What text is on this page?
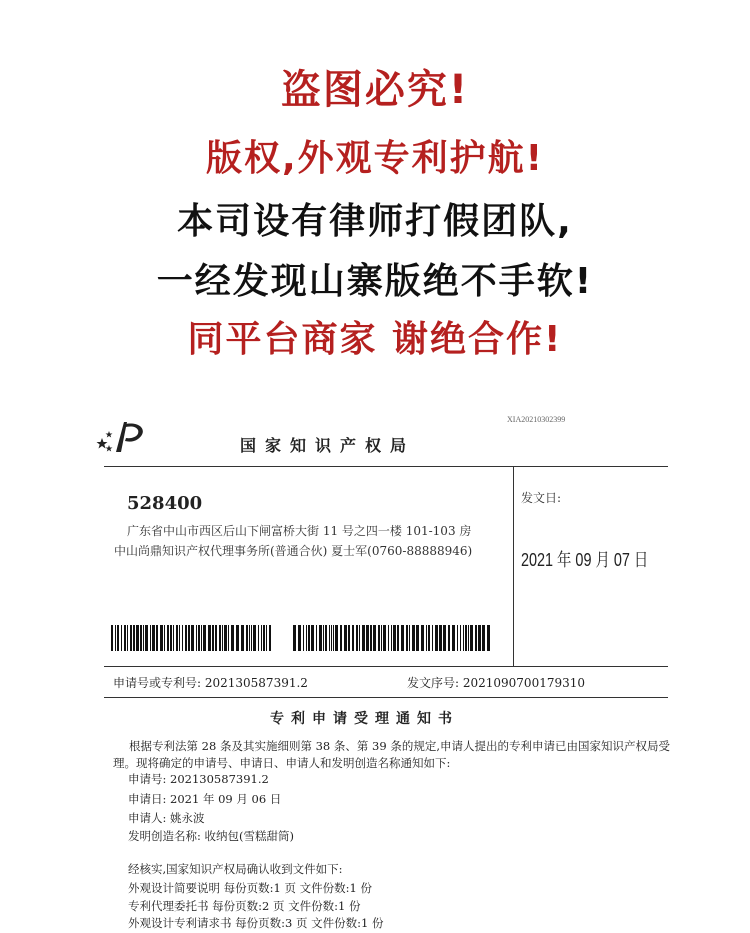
盗图必究!
版权,外观专利护航!
本司设有律师打假团队,
一经发现山寨版绝不手软!
同平台商家 谢绝合作!
XIA20210302399
国家知识产权局
528400
广东省中山市西区后山下闸富桥大街 11 号之四一楼 101-103 房
中山尚鼎知识产权代理事务所(普通合伙) 夏士军(0760-88888946)
发文日:
2021 年 09 月 07 日
申请号或专利号: 202130587391.2	发文序号: 2021090700179310
专利申请受理通知书
根据专利法第 28 条及其实施细则第 38 条、第 39 条的规定,申请人提出的专利申请已由国家知识产权局受理。现将确定的申请号、申请日、申请人和发明创造名称通知如下:
申请号: 202130587391.2
申请日: 2021 年 09 月 06 日
申请人: 姚永波
发明创造名称: 收纳包(雪糕甜筒)
经核实,国家知识产权局确认收到文件如下:
外观设计简要说明 每份页数:1 页 文件份数:1 份
专利代理委托书 每份页数:2 页 文件份数:1 份
外观设计专利请求书 每份页数:3 页 文件份数:1 份
